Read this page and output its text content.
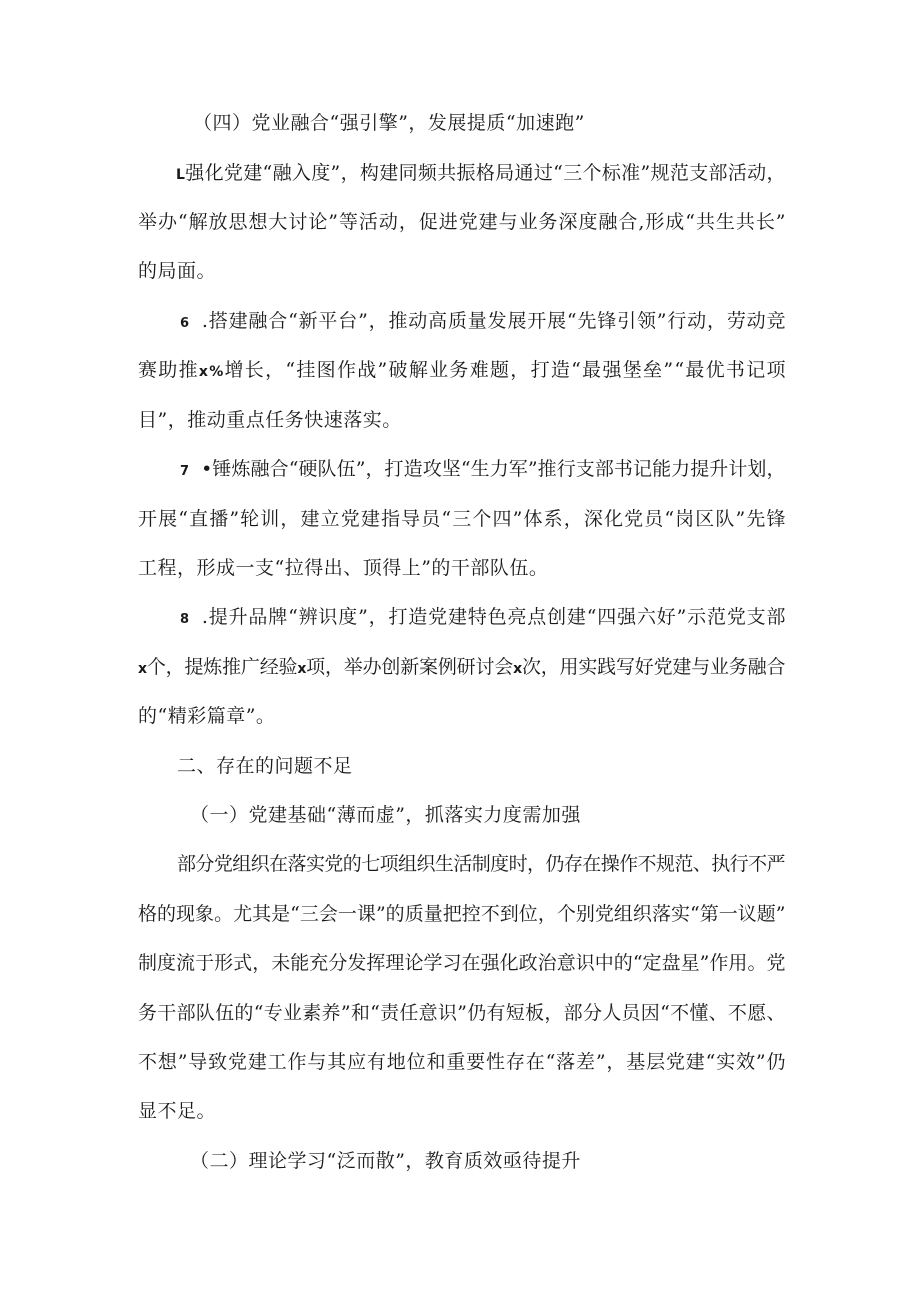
（四）党业融合“强引擎”，发展提质“加速跑”
L强化党建“融入度”，构建同频共振格局通过“三个标准”规范支部活动，
举办“解放思想大讨论”等活动，促进党建与业务深度融合,形成“共生共长”
的局面。
6 .搭建融合“新平台”，推动高质量发展开展“先锋引领”行动，劳动竞
赛助推x%增长，“挂图作战”破解业务难题，打造“最强堡垒”“最优书记项
目”，推动重点任务快速落实。
7 •锤炼融合“硬队伍”，打造攻坚“生力军”推行支部书记能力提升计划，
开展“直播”轮训，建立党建指导员“三个四”体系，深化党员“岗区队”先锋
工程，形成一支“拉得出、顶得上”的干部队伍。
8 .提升品牌“辨识度”，打造党建特色亮点创建“四强六好”示范党支部
x个，提炼推广经验x项，举办创新案例研讨会x次，用实践写好党建与业务融合
的“精彩篇章”。
二、存在的问题不足
（一）党建基础“薄而虚”，抓落实力度需加强
部分党组织在落实党的七项组织生活制度时，仍存在操作不规范、执行不严
格的现象。尤其是“三会一课”的质量把控不到位，个别党组织落实“第一议题”
制度流于形式，未能充分发挥理论学习在强化政治意识中的“定盘星”作用。党
务干部队伍的“专业素养”和“责任意识”仍有短板，部分人员因“不懂、不愿、
不想”导致党建工作与其应有地位和重要性存在“落差”，基层党建“实效”仍
显不足。
（二）理论学习“泛而散”，教育质效亟待提升
